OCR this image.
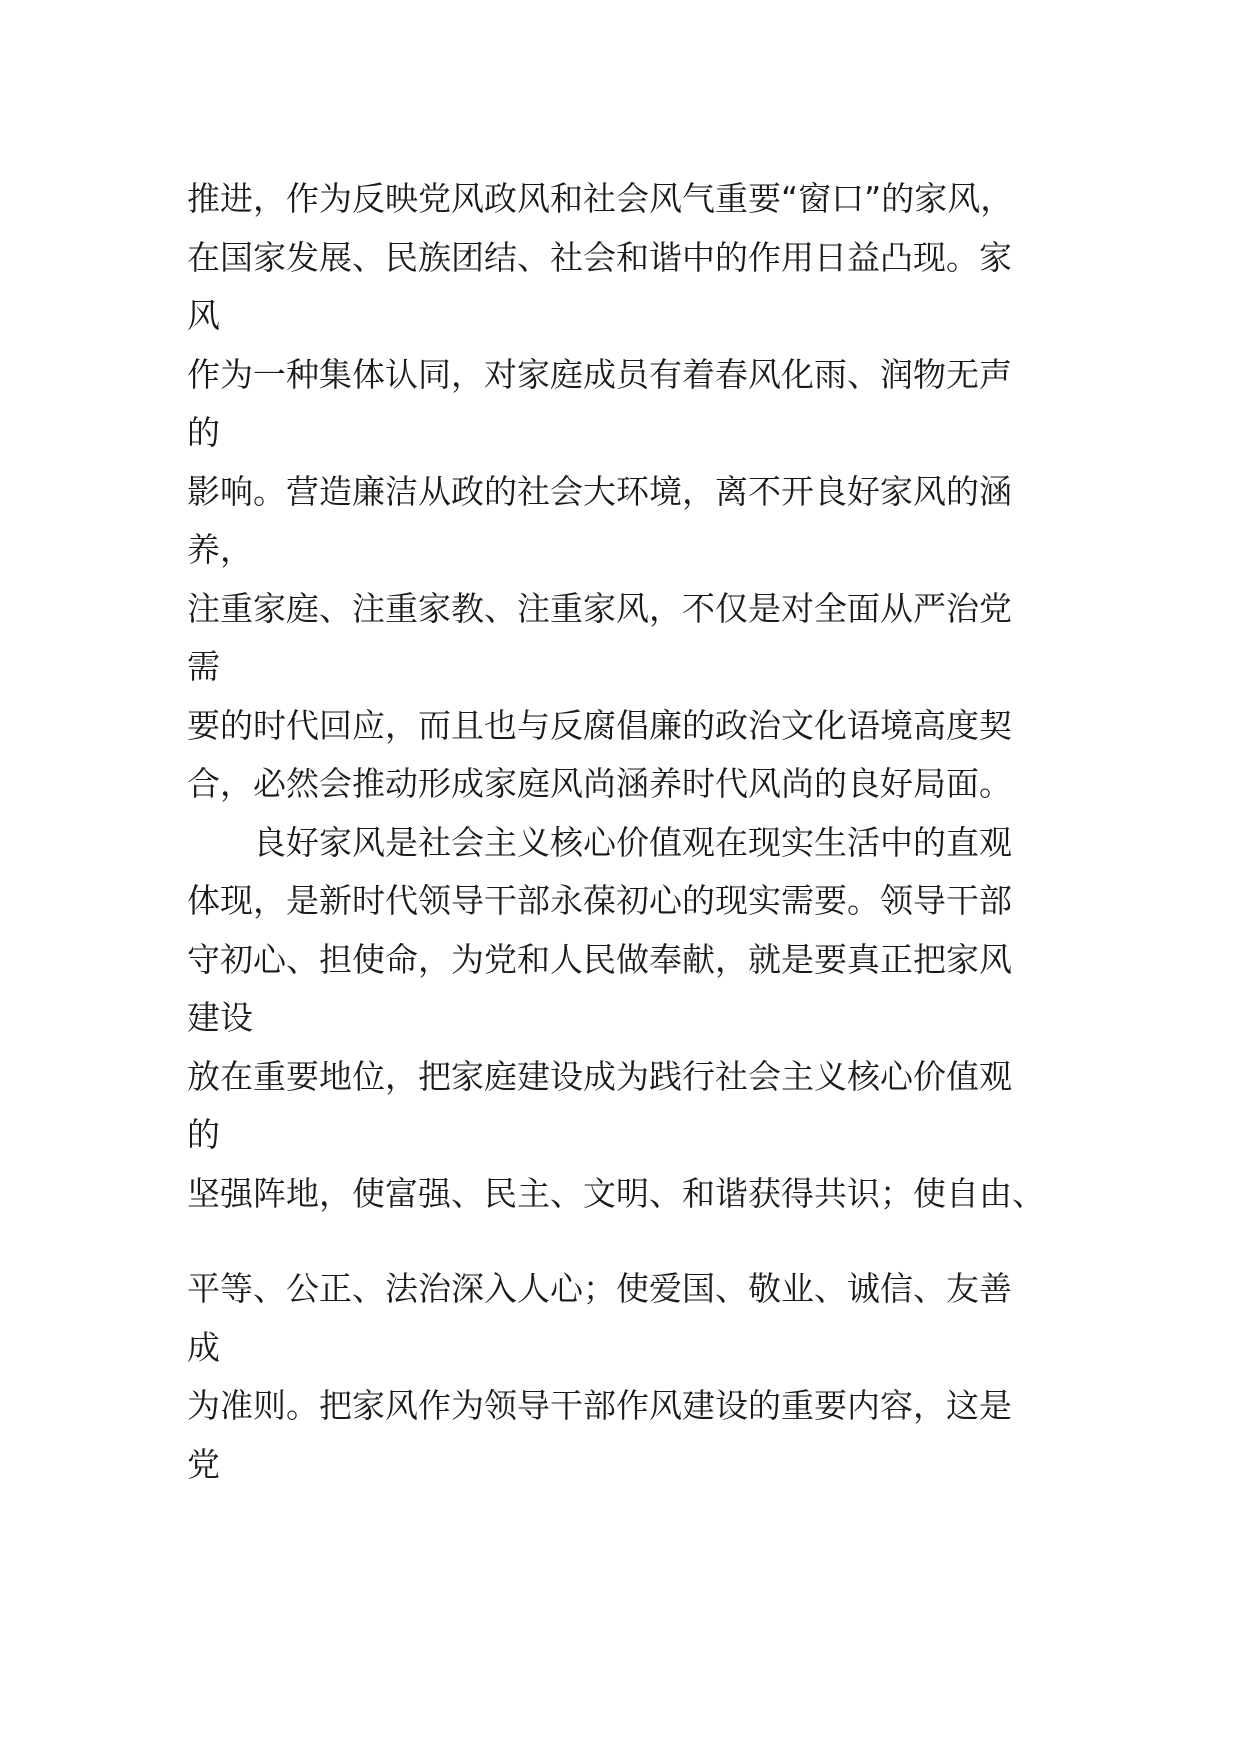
推进，作为反映党风政风和社会风气重要“窗口”的家风，
在国家发展、民族团结、社会和谐中的作用日益凸现。家
风
作为一种集体认同，对家庭成员有着春风化雨、润物无声
的
影响。营造廉洁从政的社会大环境，离不开良好家风的涵
养，
注重家庭、注重家教、注重家风，不仅是对全面从严治党
需
要的时代回应，而且也与反腐倡廉的政治文化语境高度契
合，必然会推动形成家庭风尚涵养时代风尚的良好局面。
良好家风是社会主义核心价值观在现实生活中的直观
体现，是新时代领导干部永葆初心的现实需要。领导干部
守初心、担使命，为党和人民做奉献，就是要真正把家风
建设
放在重要地位，把家庭建设成为践行社会主义核心价值观
的
坚强阵地，使富强、民主、文明、和谐获得共识；使自由、
平等、公正、法治深入人心；使爱国、敬业、诚信、友善
成
为准则。把家风作为领导干部作风建设的重要内容，这是
党
